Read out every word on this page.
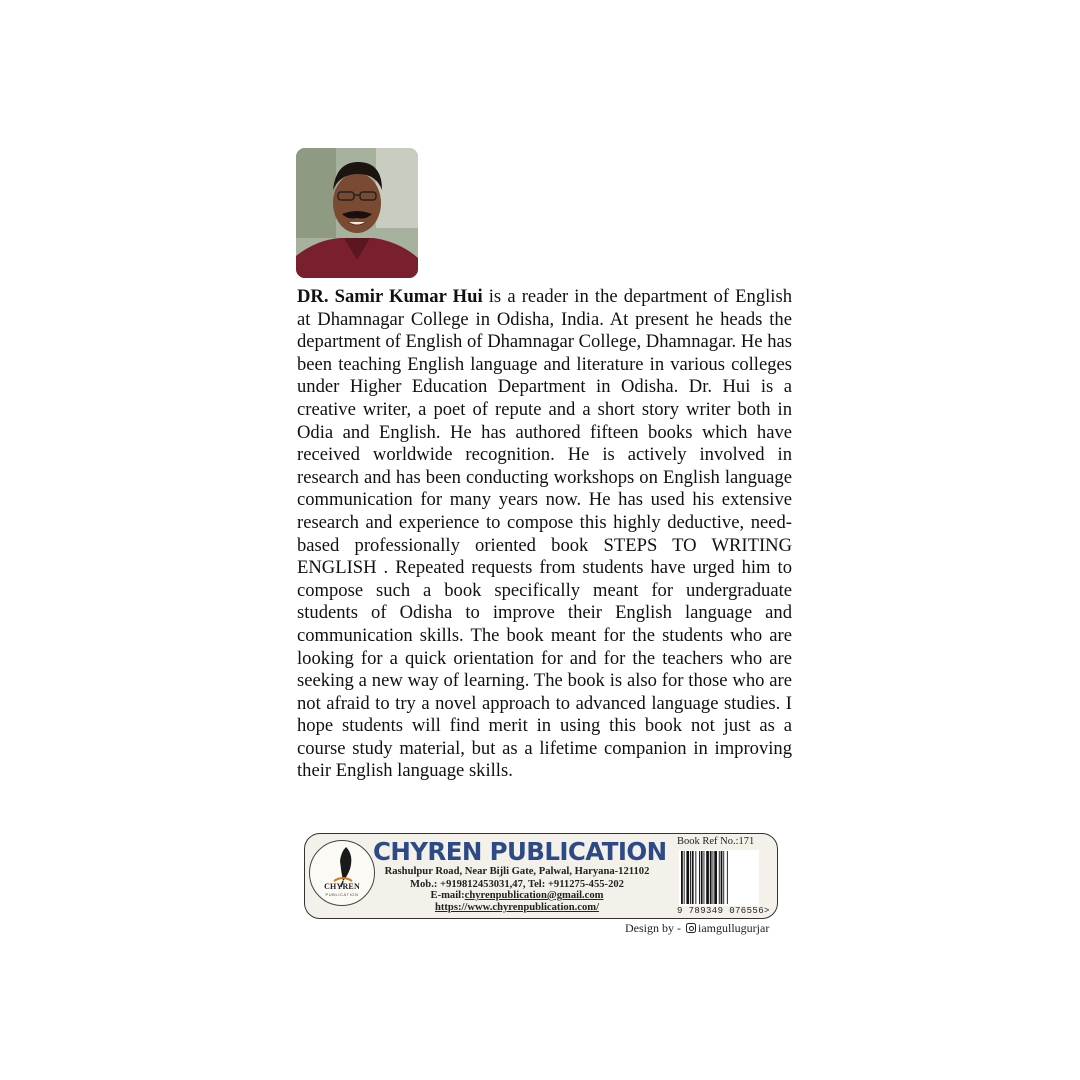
DR. Samir Kumar Hui is a reader in the department of English at Dhamnagar College in Odisha, India. At present he heads the department of English of Dhamnagar College, Dhamnagar. He has been teaching English language and literature in various colleges under Higher Education Department in Odisha. Dr. Hui is a creative writer, a poet of repute and a short story writer both in Odia and English. He has authored fifteen books which have received worldwide recognition. He is actively involved in research and has been conducting workshops on English language communication for many years now. He has used his extensive research and experience to compose this highly deductive, need-based professionally oriented book STEPS TO WRITING ENGLISH . Repeated requests from students have urged him to compose such a book specifically meant for undergraduate students of Odisha to improve their English language and communication skills. The book meant for the students who are looking for a quick orientation for and for the teachers who are seeking a new way of learning. The book is also for those who are not afraid to try a novel approach to advanced language studies. I hope students will find merit in using this book not just as a course study material, but as a lifetime companion in improving their English language skills.

CHYREN
PUBLICATION
CHYREN PUBLICATION
Rashulpur Road, Near Bijli Gate, Palwal, Haryana-121102
Mob.: +919812453031,47, Tel: +911275-455-202
E-mail:chyrenpublication@gmail.com
https://www.chyrenpublication.com/
Book Ref No.:171
9 789349 076556>
Design by - iamgullugurjar
